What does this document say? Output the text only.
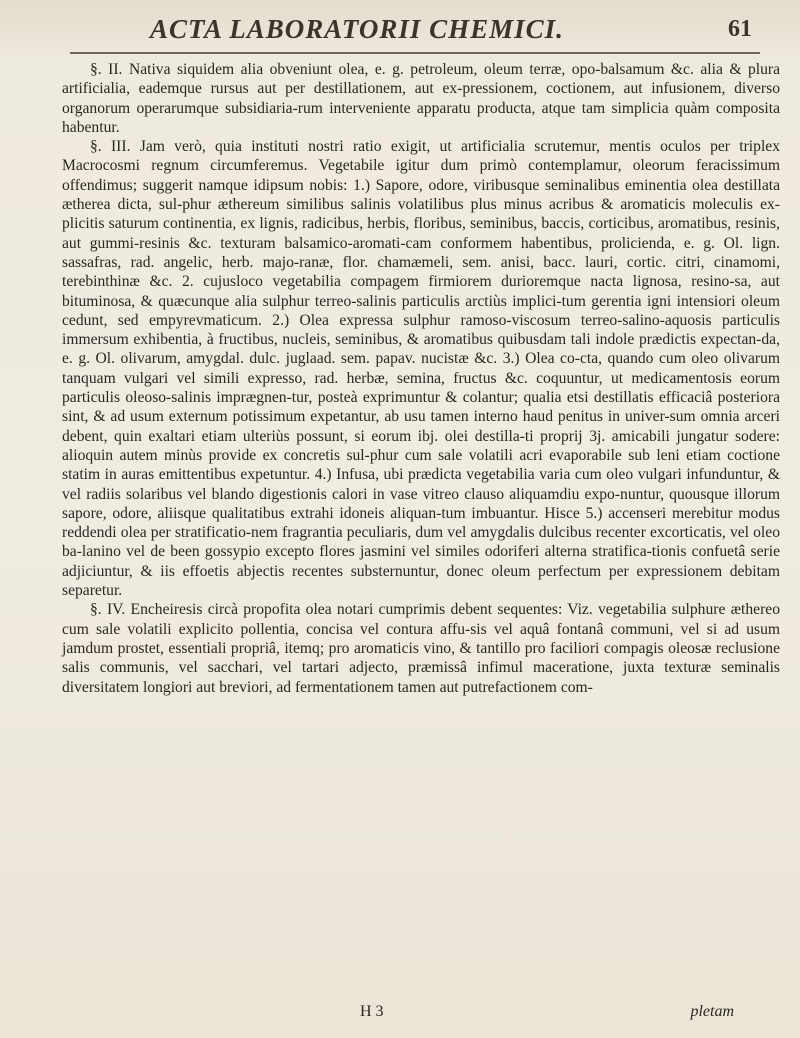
ACTA LABORATORII CHEMICI.	61

§. II. Nativa siquidem alia obveniunt olea, e. g. petroleum, oleum terræ, opo-balsamum &c. alia & plura artificialia, eademque rursus aut per destillationem, aut ex-pressionem, coctionem, aut infusionem, diverso organorum operarumque subsidiaria-rum interveniente apparatu producta, atque tam simplicia quàm composita habentur.

§. III. Jam verò, quia instituti nostri ratio exigit, ut artificialia scrutemur, mentis oculos per triplex Macrocosmi regnum circumferemus. Vegetabile igitur dum primò contemplamur, oleorum feracissimum offendimus; suggerit namque idipsum nobis: 1.) Sapore, odore, viribusque seminalibus eminentia olea destillata ætherea dicta, sul-phur æthereum similibus salinis volatilibus plus minus acribus & aromaticis moleculis ex-plicitis saturum continentia, ex lignis, radicibus, herbis, floribus, seminibus, baccis, corticibus, aromatibus, resinis, aut gummi-resinis &c. texturam balsamico-aromati-cam conformem habentibus, prolicienda, e. g. Ol. lign. sassafras, rad. angelic, herb. majo-ranæ, flor. chamæmeli, sem. anisi, bacc. lauri, cortic. citri, cinamomi, terebinthinæ &c. 2. cujusloco vegetabilia compagem firmiorem durioremque nacta lignosa, resino-sa, aut bituminosa, & quæcunque alia sulphur terreo-salinis particulis arctiùs implici-tum gerentia igni intensiori oleum cedunt, sed empyrevmaticum. 2.) Olea expressa sulphur ramoso-viscosum terreo-salino-aquosis particulis immersum exhibentia, à fructibus, nucleis, seminibus, & aromatibus quibusdam tali indole prædictis expectan-da, e. g. Ol. olivarum, amygdal. dulc. juglaad. sem. papav. nucistæ &c. 3.) Olea co-cta, quando cum oleo olivarum tanquam vulgari vel simili expresso, rad. herbæ, semina, fructus &c. coquuntur, ut medicamentosis eorum particulis oleoso-salinis imprægnen-tur, posteà exprimuntur & colantur; qualia etsi destillatis efficaciâ posteriora sint, & ad usum externum potissimum expetantur, ab usu tamen interno haud penitus in univer-sum omnia arceri debent, quin exaltari etiam ulteriùs possunt, si eorum ibj. olei destilla-ti proprij 3j. amicabili jungatur sodere: alioquin autem minùs provide ex concretis sul-phur cum sale volatili acri evaporabile sub leni etiam coctione statim in auras emittentibus expetuntur. 4.) Infusa, ubi prædicta vegetabilia varia cum oleo vulgari infunduntur, & vel radiis solaribus vel blando digestionis calori in vase vitreo clauso aliquamdiu expo-nuntur, quousque illorum sapore, odore, aliisque qualitatibus extrahi idoneis aliquan-tum imbuantur. Hisce 5.) accenseri merebitur modus reddendi olea per stratificatio-nem fragrantia peculiaris, dum vel amygdalis dulcibus recenter excorticatis, vel oleo ba-lanino vel de been gossypio excepto flores jasmini vel similes odoriferi alterna stratifica-tionis confuetâ serie adjiciuntur, & iis effoetis abjectis recentes substernuntur, donec oleum perfectum per expressionem debitam separetur.

§. IV. Encheiresis circà propofita olea notari cumprimis debent sequentes: Viz. vegetabilia sulphure æthereo cum sale volatili explicito pollentia, concisa vel contura affu-sis vel aquâ fontanâ communi, vel si ad usum jamdum prostet, essentiali propriâ, itemq; pro aromaticis vino, & tantillo pro faciliori compagis oleosæ reclusione salis communis, vel sacchari, vel tartari adjecto, præmissâ infimul maceratione, juxta texturæ seminalis diversitatem longiori aut breviori, ad fermentationem tamen aut putrefactionem com-

H 3	pletam
